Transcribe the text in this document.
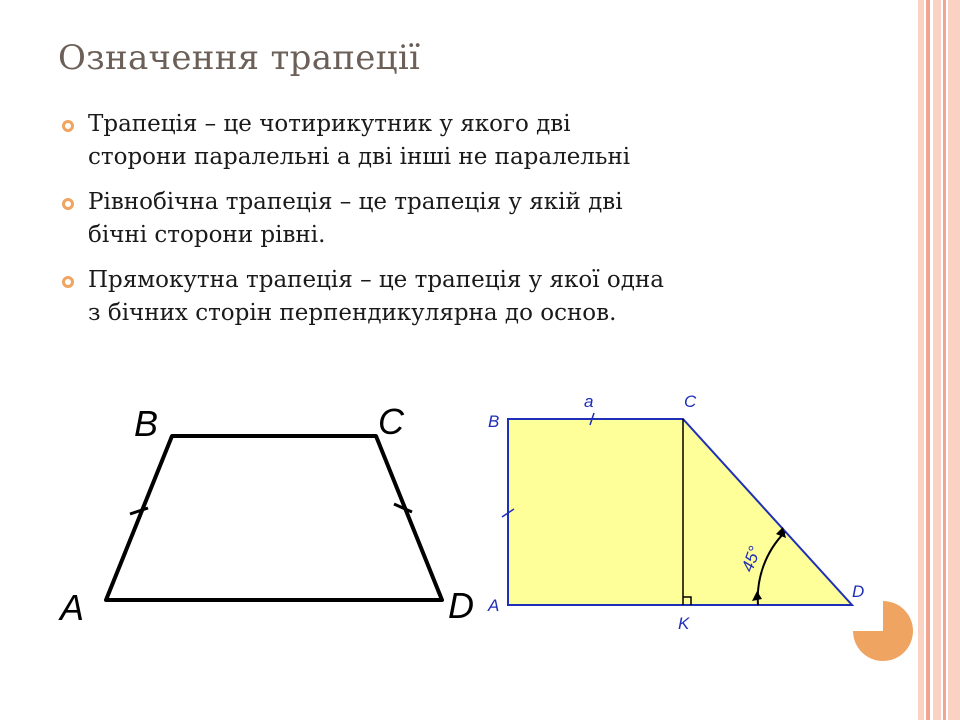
Означення трапеції
Трапеція – це чотирикутник у якого дві
сторони паралельні а дві інші не паралельні
Рівнобічна трапеція – це трапеція у якій дві
бічні сторони рівні.
Прямокутна трапеція – це трапеція у якої одна
з бічних сторін перпендикулярна до основ.
B	C
A	D
B
C
A
D
K
a
45°
